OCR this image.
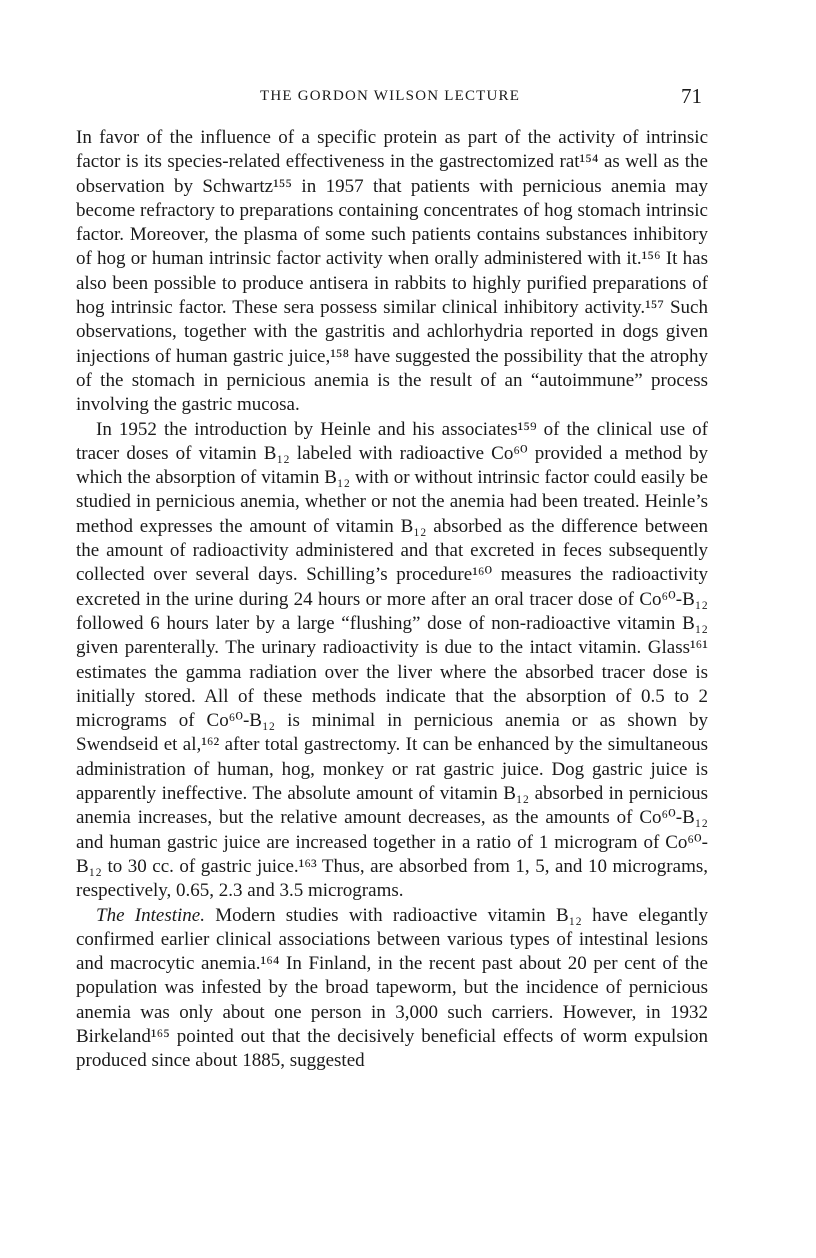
THE GORDON WILSON LECTURE	71

In favor of the influence of a specific protein as part of the activity of intrinsic factor is its species-related effectiveness in the gastrectomized rat¹⁵⁴ as well as the observation by Schwartz¹⁵⁵ in 1957 that patients with pernicious anemia may become refractory to preparations containing concentrates of hog stomach intrinsic factor. Moreover, the plasma of some such patients contains substances inhibitory of hog or human intrinsic factor activity when orally administered with it.¹⁵⁶ It has also been possible to produce antisera in rabbits to highly purified preparations of hog intrinsic factor. These sera possess similar clinical inhibitory activity.¹⁵⁷ Such observations, together with the gastritis and achlorhydria reported in dogs given injections of human gastric juice,¹⁵⁸ have suggested the possibility that the atrophy of the stomach in pernicious anemia is the result of an “autoimmune” process involving the gastric mucosa.

In 1952 the introduction by Heinle and his associates¹⁵⁹ of the clinical use of tracer doses of vitamin B₁₂ labeled with radioactive Co⁶⁰ provided a method by which the absorption of vitamin B₁₂ with or without intrinsic factor could easily be studied in pernicious anemia, whether or not the anemia had been treated. Heinle’s method expresses the amount of vitamin B₁₂ absorbed as the difference between the amount of radioactivity administered and that excreted in feces subsequently collected over several days. Schilling’s procedure¹⁶⁰ measures the radioactivity excreted in the urine during 24 hours or more after an oral tracer dose of Co⁶⁰-B₁₂ followed 6 hours later by a large “flushing” dose of non-radioactive vitamin B₁₂ given parenterally. The urinary radioactivity is due to the intact vitamin. Glass¹⁶¹ estimates the gamma radiation over the liver where the absorbed tracer dose is initially stored. All of these methods indicate that the absorption of 0.5 to 2 micrograms of Co⁶⁰-B₁₂ is minimal in pernicious anemia or as shown by Swendseid et al,¹⁶² after total gastrectomy. It can be enhanced by the simultaneous administration of human, hog, monkey or rat gastric juice. Dog gastric juice is apparently ineffective. The absolute amount of vitamin B₁₂ absorbed in pernicious anemia increases, but the relative amount decreases, as the amounts of Co⁶⁰-B₁₂ and human gastric juice are increased together in a ratio of 1 microgram of Co⁶⁰-B₁₂ to 30 cc. of gastric juice.¹⁶³ Thus, are absorbed from 1, 5, and 10 micrograms, respectively, 0.65, 2.3 and 3.5 micrograms.

The Intestine. Modern studies with radioactive vitamin B₁₂ have elegantly confirmed earlier clinical associations between various types of intestinal lesions and macrocytic anemia.¹⁶⁴ In Finland, in the recent past about 20 per cent of the population was infested by the broad tapeworm, but the incidence of pernicious anemia was only about one person in 3,000 such carriers. However, in 1932 Birkeland¹⁶⁵ pointed out that the decisively beneficial effects of worm expulsion produced since about 1885, suggested
